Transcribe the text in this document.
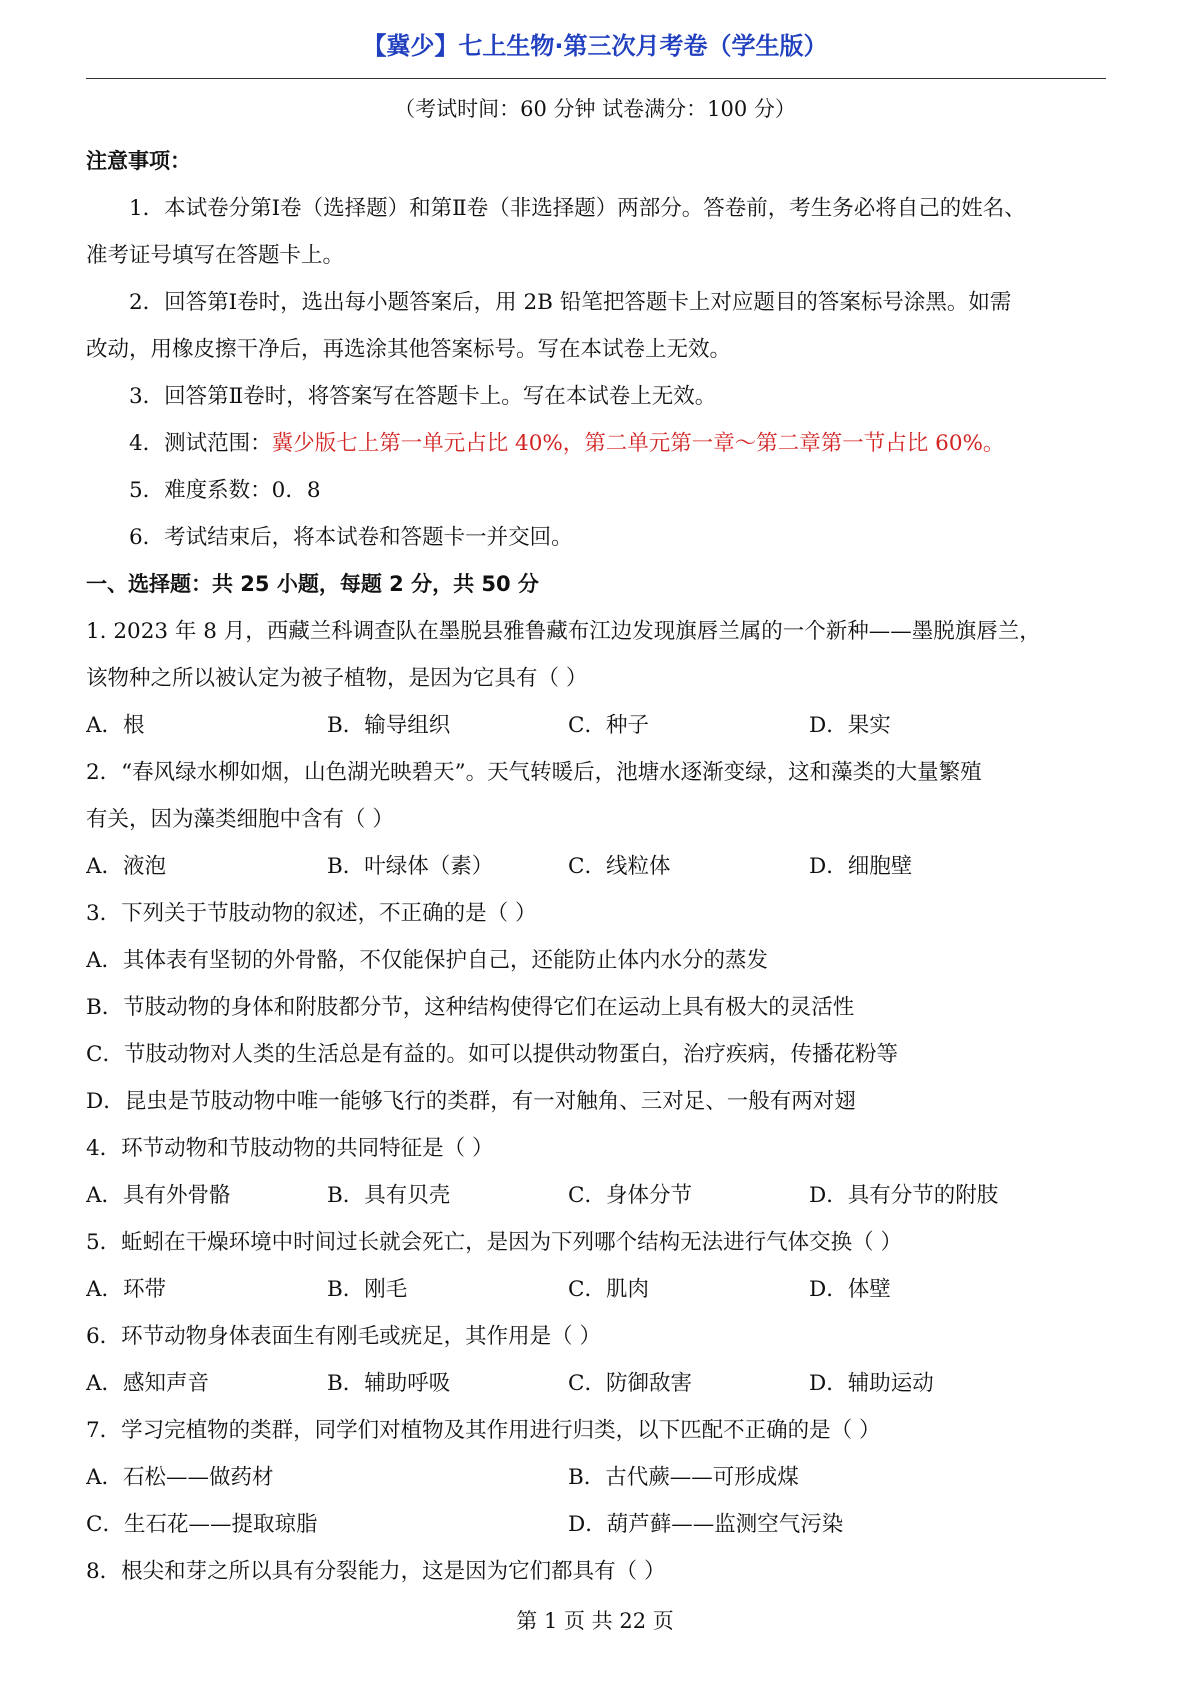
【冀少】七上生物·第三次月考卷（学生版）
（考试时间：60 分钟 试卷满分：100 分）
注意事项：
1．本试卷分第Ⅰ卷（选择题）和第Ⅱ卷（非选择题）两部分。答卷前，考生务必将自己的姓名、
准考证号填写在答题卡上。
2．回答第Ⅰ卷时，选出每小题答案后，用 2B 铅笔把答题卡上对应题目的答案标号涂黑。如需
改动，用橡皮擦干净后，再选涂其他答案标号。写在本试卷上无效。
3．回答第Ⅱ卷时，将答案写在答题卡上。写在本试卷上无效。
4．测试范围：冀少版七上第一单元占比 40%，第二单元第一章～第二章第一节占比 60%。
5．难度系数：0．8
6．考试结束后，将本试卷和答题卡一并交回。
一、选择题：共 25 小题，每题 2 分，共 50 分
1. 2023 年 8 月，西藏兰科调查队在墨脱县雅鲁藏布江边发现旗唇兰属的一个新种——墨脱旗唇兰，
该物种之所以被认定为被子植物，是因为它具有（ ）
A．根	B．输导组织	C．种子	D．果实
2．“春风绿水柳如烟，山色湖光映碧天”。天气转暖后，池塘水逐渐变绿，这和藻类的大量繁殖
有关，因为藻类细胞中含有（ ）
A．液泡	B．叶绿体（素）	C．线粒体	D．细胞壁
3．下列关于节肢动物的叙述，不正确的是（ ）
A．其体表有坚韧的外骨骼，不仅能保护自己，还能防止体内水分的蒸发
B．节肢动物的身体和附肢都分节，这种结构使得它们在运动上具有极大的灵活性
C．节肢动物对人类的生活总是有益的。如可以提供动物蛋白，治疗疾病，传播花粉等
D．昆虫是节肢动物中唯一能够飞行的类群，有一对触角、三对足、一般有两对翅
4．环节动物和节肢动物的共同特征是（ ）
A．具有外骨骼	B．具有贝壳	C．身体分节	D．具有分节的附肢
5．蚯蚓在干燥环境中时间过长就会死亡，是因为下列哪个结构无法进行气体交换（ ）
A．环带	B．刚毛	C．肌肉	D．体壁
6．环节动物身体表面生有刚毛或疣足，其作用是（ ）
A．感知声音	B．辅助呼吸	C．防御敌害	D．辅助运动
7．学习完植物的类群，同学们对植物及其作用进行归类，以下匹配不正确的是（ ）
A．石松——做药材	B．古代蕨——可形成煤
C．生石花——提取琼脂	D．葫芦藓——监测空气污染
8．根尖和芽之所以具有分裂能力，这是因为它们都具有（ ）
第 1 页 共 22 页
